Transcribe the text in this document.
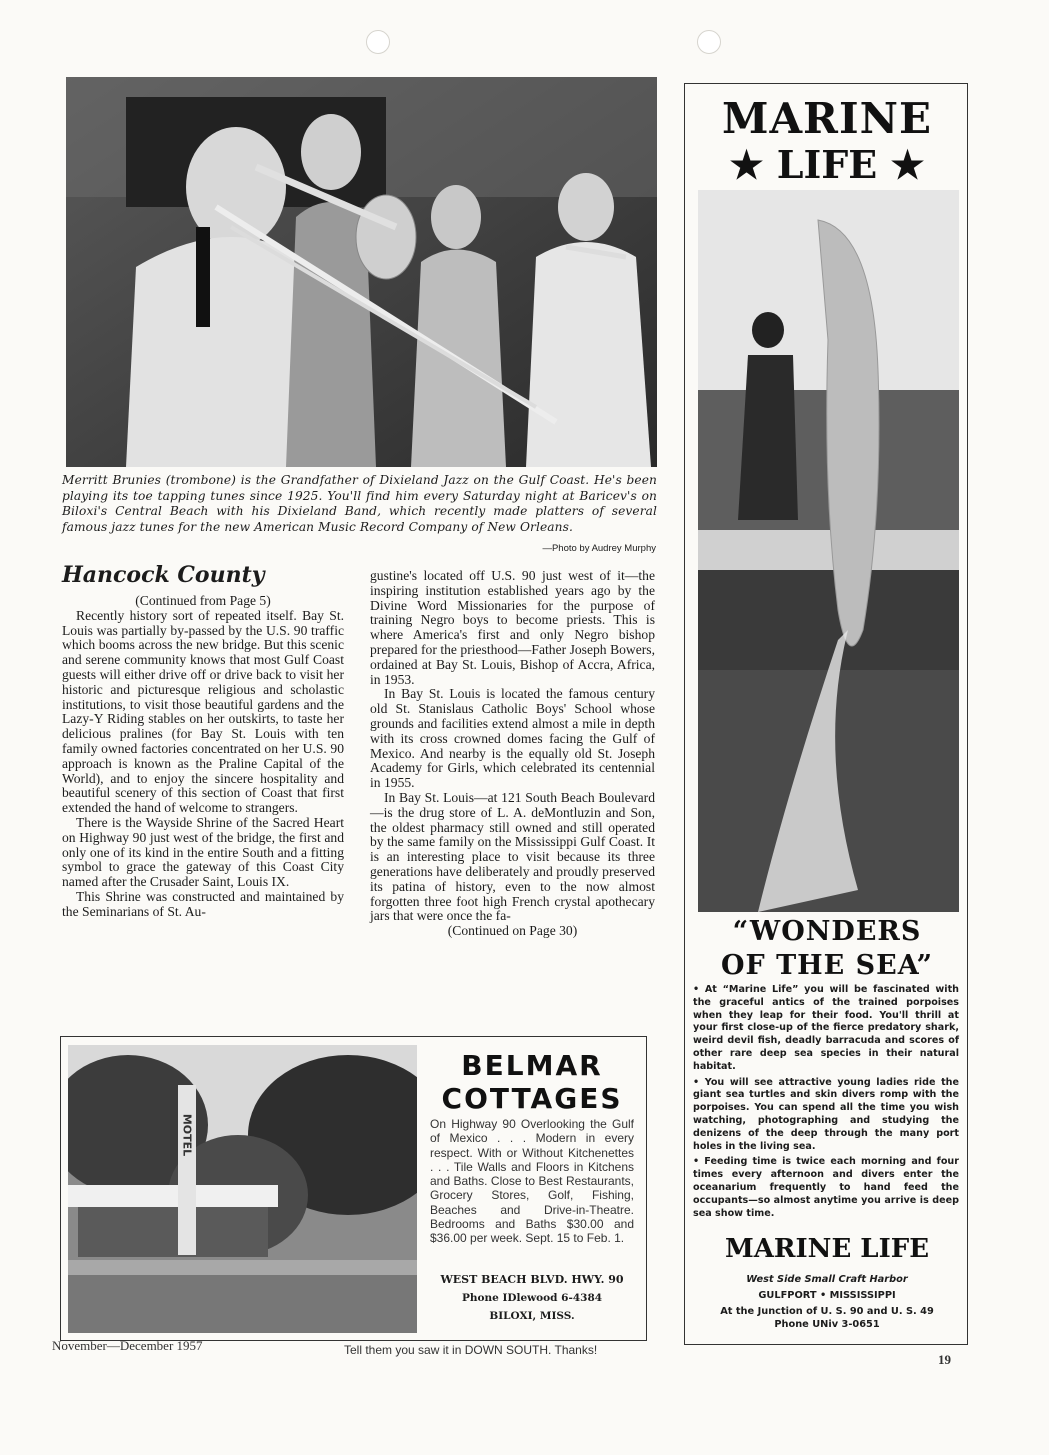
Merritt Brunies (trombone) is the Grandfather of Dixieland Jazz on the Gulf Coast. He's been playing its toe tapping tunes since 1925. You'll find him every Saturday night at Baricev's on Biloxi's Central Beach with his Dixieland Band, which recently made platters of several famous jazz tunes for the new American Music Record Company of New Orleans.
—Photo by Audrey Murphy
Hancock County

(Continued from Page 5)

Recently history sort of repeated itself. Bay St. Louis was partially by-passed by the U.S. 90 traffic which booms across the new bridge. But this scenic and serene community knows that most Gulf Coast guests will either drive off or drive back to visit her historic and picturesque religious and scholastic institutions, to visit those beautiful gardens and the Lazy-Y Riding stables on her outskirts, to taste her delicious pralines (for Bay St. Louis with ten family owned factories concentrated on her U.S. 90 approach is known as the Praline Capital of the World), and to enjoy the sincere hospitality and beautiful scenery of this section of Coast that first extended the hand of welcome to strangers.

There is the Wayside Shrine of the Sacred Heart on Highway 90 just west of the bridge, the first and only one of its kind in the entire South and a fitting symbol to grace the gateway of this Coast City named after the Crusader Saint, Louis IX.

This Shrine was constructed and maintained by the Seminarians of St. Au-

gustine's located off U.S. 90 just west of it—the inspiring institution established years ago by the Divine Word Missionaries for the purpose of training Negro boys to become priests. This is where America's first and only Negro bishop prepared for the priesthood—Father Joseph Bowers, ordained at Bay St. Louis, Bishop of Accra, Africa, in 1953.

In Bay St. Louis is located the famous century old St. Stanislaus Catholic Boys' School whose grounds and facilities extend almost a mile in depth with its cross crowned domes facing the Gulf of Mexico. And nearby is the equally old St. Joseph Academy for Girls, which celebrated its centennial in 1955.

In Bay St. Louis—at 121 South Beach Boulevard—is the drug store of L. A. deMontluzin and Son, the oldest pharmacy still owned and still operated by the same family on the Mississippi Gulf Coast. It is an interesting place to visit because its three generations have deliberately and proudly preserved its patina of history, even to the now almost forgotten three foot high French crystal apothecary jars that were once the fa-

(Continued on Page 30)

MOTEL
BELMAR
COTTAGES
On Highway 90 Overlooking the Gulf of Mexico . . . Modern in every respect. With or Without Kitchenettes . . . Tile Walls and Floors in Kitchens and Baths. Close to Best Restaurants, Grocery Stores, Golf, Fishing, Beaches and Drive-in-Theatre. Bedrooms and Baths $30.00 and $36.00 per week. Sept. 15 to Feb. 1.
WEST BEACH BLVD. HWY. 90
Phone IDlewood 6-4384
BILOXI, MISS.
MARINE
★ LIFE ★
“WONDERS
OF THE SEA”

• At “Marine Life” you will be fascinated with the graceful antics of the trained porpoises when they leap for their food. You'll thrill at your first close-up of the fierce predatory shark, weird devil fish, deadly barracuda and scores of other rare deep sea species in their natural habitat.

• You will see attractive young ladies ride the giant sea turtles and skin divers romp with the porpoises. You can spend all the time you wish watching, photographing and studying the denizens of the deep through the many port holes in the living sea.

• Feeding time is twice each morning and four times every afternoon and divers enter the oceanarium frequently to hand feed the occupants—so almost anytime you arrive is deep sea show time.

MARINE LIFE
West Side Small Craft Harbor
GULFPORT • MISSISSIPPI
At the Junction of U. S. 90 and U. S. 49
Phone UNiv 3-0651
November—December 1957	Tell them you saw it in DOWN SOUTH. Thanks!
19
